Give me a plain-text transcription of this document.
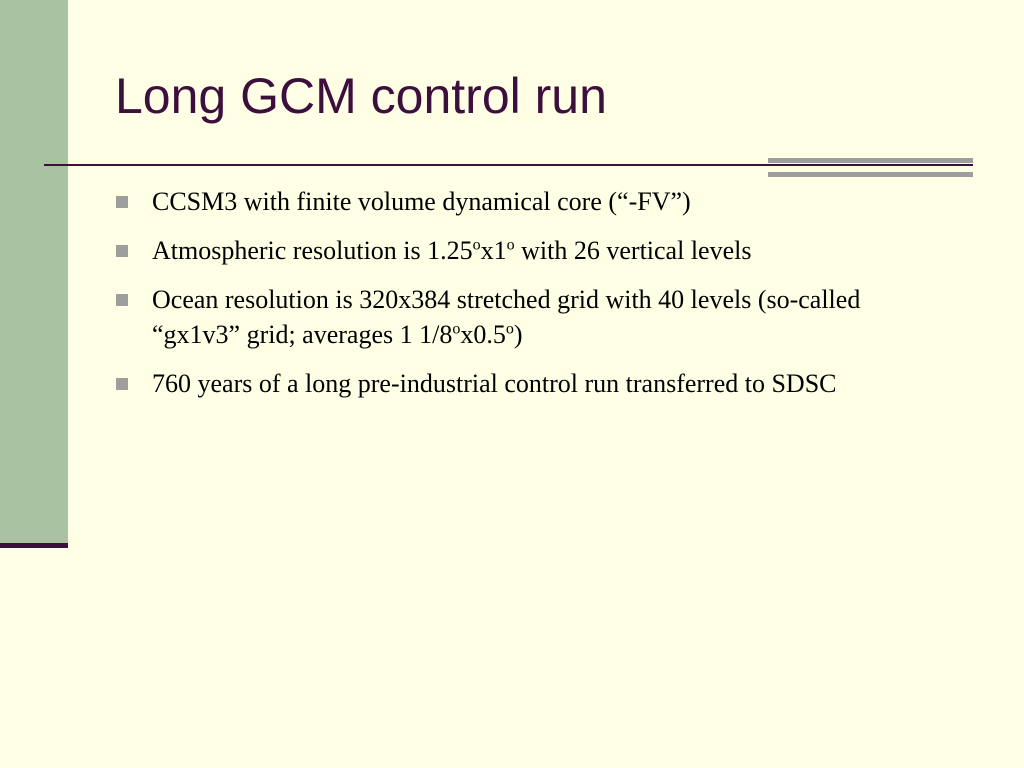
Long GCM control run
CCSM3 with finite volume dynamical core (“-FV”)
Atmospheric resolution is 1.25$^o$x1$^o$ with 26 vertical levels
Ocean resolution is 320x384 stretched grid with 40 levels (so-called “gx1v3” grid; averages 1 1/8$^o$x0.5$^o$)
760 years of a long pre-industrial control run transferred to SDSC
